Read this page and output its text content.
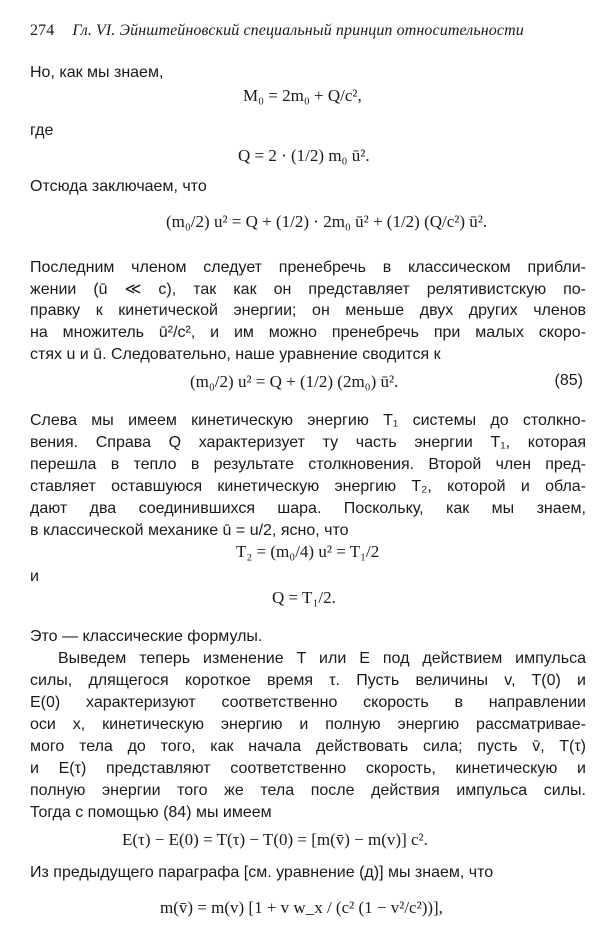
274 Гл. VI. Эйнштейновский специальный принцип относительности
Но, как мы знаем,
M₀ = 2m₀ + Q/c²,
где
Q = 2 · (1/2) m₀ ū².
Отсюда заключаем, что
(m₀/2) u² = Q + (1/2) · 2m₀ ū² + (1/2) (Q/c²) ū².
Последним членом следует пренебречь в классическом прибли-
жении (ū ≪ c), так как он представляет релятивистскую по-
правку к кинетической энергии; он меньше двух других членов
на множитель ū²/c², и им можно пренебречь при малых скоро-
стях u и ū. Следовательно, наше уравнение сводится к
(m₀/2) u² = Q + (1/2) (2m₀) ū².	(85)
Слева мы имеем кинетическую энергию T₁ системы до столкно-
вения. Справа Q характеризует ту часть энергии T₁, которая
перешла в тепло в результате столкновения. Второй член пред-
ставляет оставшуюся кинетическую энергию T₂, которой и обла-
дают два соединившихся шара. Поскольку, как мы знаем,
в классической механике ū = u/2, ясно, что
T₂ = (m₀/4) u² = T₁/2
и
Q = T₁/2.
Это — классические формулы.
Выведем теперь изменение T или E под действием импульса
силы, длящегося короткое время τ. Пусть величины v, T(0) и
E(0) характеризуют соответственно скорость в направлении
оси x, кинетическую энергию и полную энергию рассматривае-
мого тела до того, как начала действовать сила; пусть v̄, T(τ)
и E(τ) представляют соответственно скорость, кинетическую и
полную энергии того же тела после действия импульса силы.
Тогда с помощью (84) мы имеем
E(τ) − E(0) = T(τ) − T(0) = [m(v̄) − m(v)] c².
Из предыдущего параграфа [см. уравнение (д)] мы знаем, что
m(v̄) = m(v) [1 + v w_x / (c² (1 − v²/c²))],
